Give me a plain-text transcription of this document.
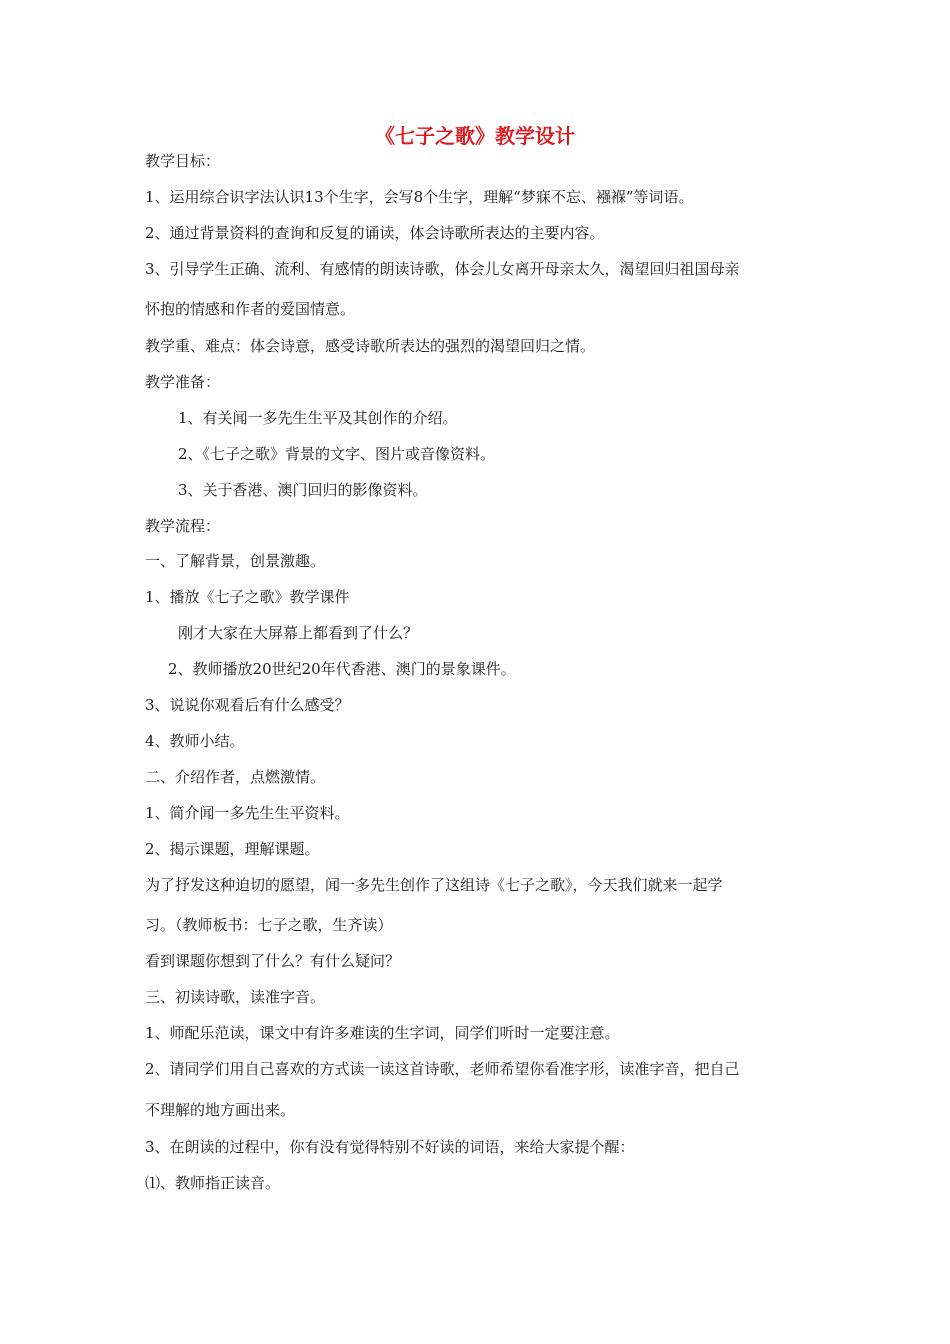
《七子之歌》教学设计
教学目标：
1、运用综合识字法认识13个生字，会写8个生字，理解“梦寐不忘、襁褓”等词语。
2、通过背景资料的查询和反复的诵读，体会诗歌所表达的主要内容。
3、引导学生正确、流利、有感情的朗读诗歌，体会儿女离开母亲太久，渴望回归祖国母亲
怀抱的情感和作者的爱国情意。
教学重、难点：体会诗意，感受诗歌所表达的强烈的渴望回归之情。
教学准备：
1、有关闻一多先生生平及其创作的介绍。
2、《七子之歌》背景的文字、图片或音像资料。
3、关于香港、澳门回归的影像资料。
教学流程：
一、了解背景，创景激趣。
1、播放《七子之歌》教学课件
刚才大家在大屏幕上都看到了什么？
2、教师播放20世纪20年代香港、澳门的景象课件。
3、说说你观看后有什么感受？
4、教师小结。
二、介绍作者，点燃激情。
1、简介闻一多先生生平资料。
2、揭示课题，理解课题。
为了抒发这种迫切的愿望，闻一多先生创作了这组诗《七子之歌》，今天我们就来一起学
习。（教师板书：七子之歌，生齐读）
看到课题你想到了什么？有什么疑问？
三、初读诗歌，读准字音。
1、师配乐范读，课文中有许多难读的生字词，同学们听时一定要注意。
2、请同学们用自己喜欢的方式读一读这首诗歌，老师希望你看准字形，读准字音，把自己
不理解的地方画出来。
3、在朗读的过程中，你有没有觉得特别不好读的词语，来给大家提个醒：
⑴、教师指正读音。
